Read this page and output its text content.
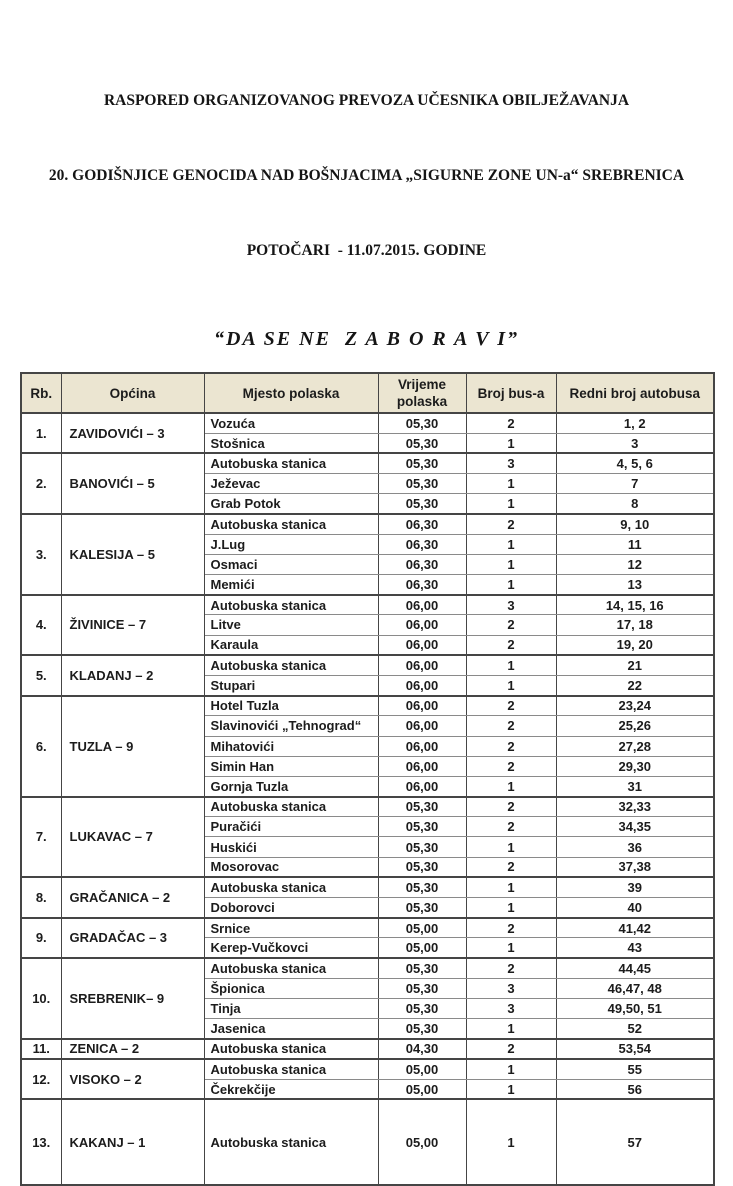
RASPORED ORGANIZOVANOG PREVOZA UČESNIKA OBILJEŽAVANJA

20. GODIŠNJICE GENOCIDA NAD BOŠNJACIMA „SIGURNE ZONE UN-a“ SREBRENICA

POTOČARI  - 11.07.2015. GODINE

“DA SE NE  Z A B O R A V I”
Rb.	Općina	Mjesto polaska	Vrijeme polaska	Broj bus-a	Redni broj autobusa
1.	ZAVIDOVIĆI – 3	Vozuća	05,30	2	1, 2
		Stošnica	05,30	1	3
2.	BANOVIĆI – 5	Autobuska stanica	05,30	3	4, 5, 6
		Ježevac	05,30	1	7
		Grab Potok	05,30	1	8
3.	KALESIJA – 5	Autobuska stanica	06,30	2	9, 10
		J.Lug	06,30	1	11
		Osmaci	06,30	1	12
		Memići	06,30	1	13
4.	ŽIVINICE – 7	Autobuska stanica	06,00	3	14, 15, 16
		Litve	06,00	2	17, 18
		Karaula	06,00	2	19, 20
5.	KLADANJ – 2	Autobuska stanica	06,00	1	21
		Stupari	06,00	1	22
6.	TUZLA – 9	Hotel Tuzla	06,00	2	23,24
		Slavinovići „Tehnograd“	06,00	2	25,26
		Mihatovići	06,00	2	27,28
		Simin Han	06,00	2	29,30
		Gornja Tuzla	06,00	1	31
7.	LUKAVAC – 7	Autobuska stanica	05,30	2	32,33
		Puračići	05,30	2	34,35
		Huskići	05,30	1	36
		Mosorovac	05,30	2	37,38
8.	GRAČANICA – 2	Autobuska stanica	05,30	1	39
		Doborovci	05,30	1	40
9.	GRADAČAC – 3	Srnice	05,00	2	41,42
		Kerep-Vučkovci	05,00	1	43
10.	SREBRENIK– 9	Autobuska stanica	05,30	2	44,45
		Špionica	05,30	3	46,47, 48
		Tinja	05,30	3	49,50, 51
		Jasenica	05,30	1	52
11.	ZENICA – 2	Autobuska stanica	04,30	2	53,54
12.	VISOKO – 2	Autobuska stanica	05,00	1	55
		Čekrekčije	05,00	1	56
13.	KAKANJ – 1	Autobuska stanica	05,00	1	57
